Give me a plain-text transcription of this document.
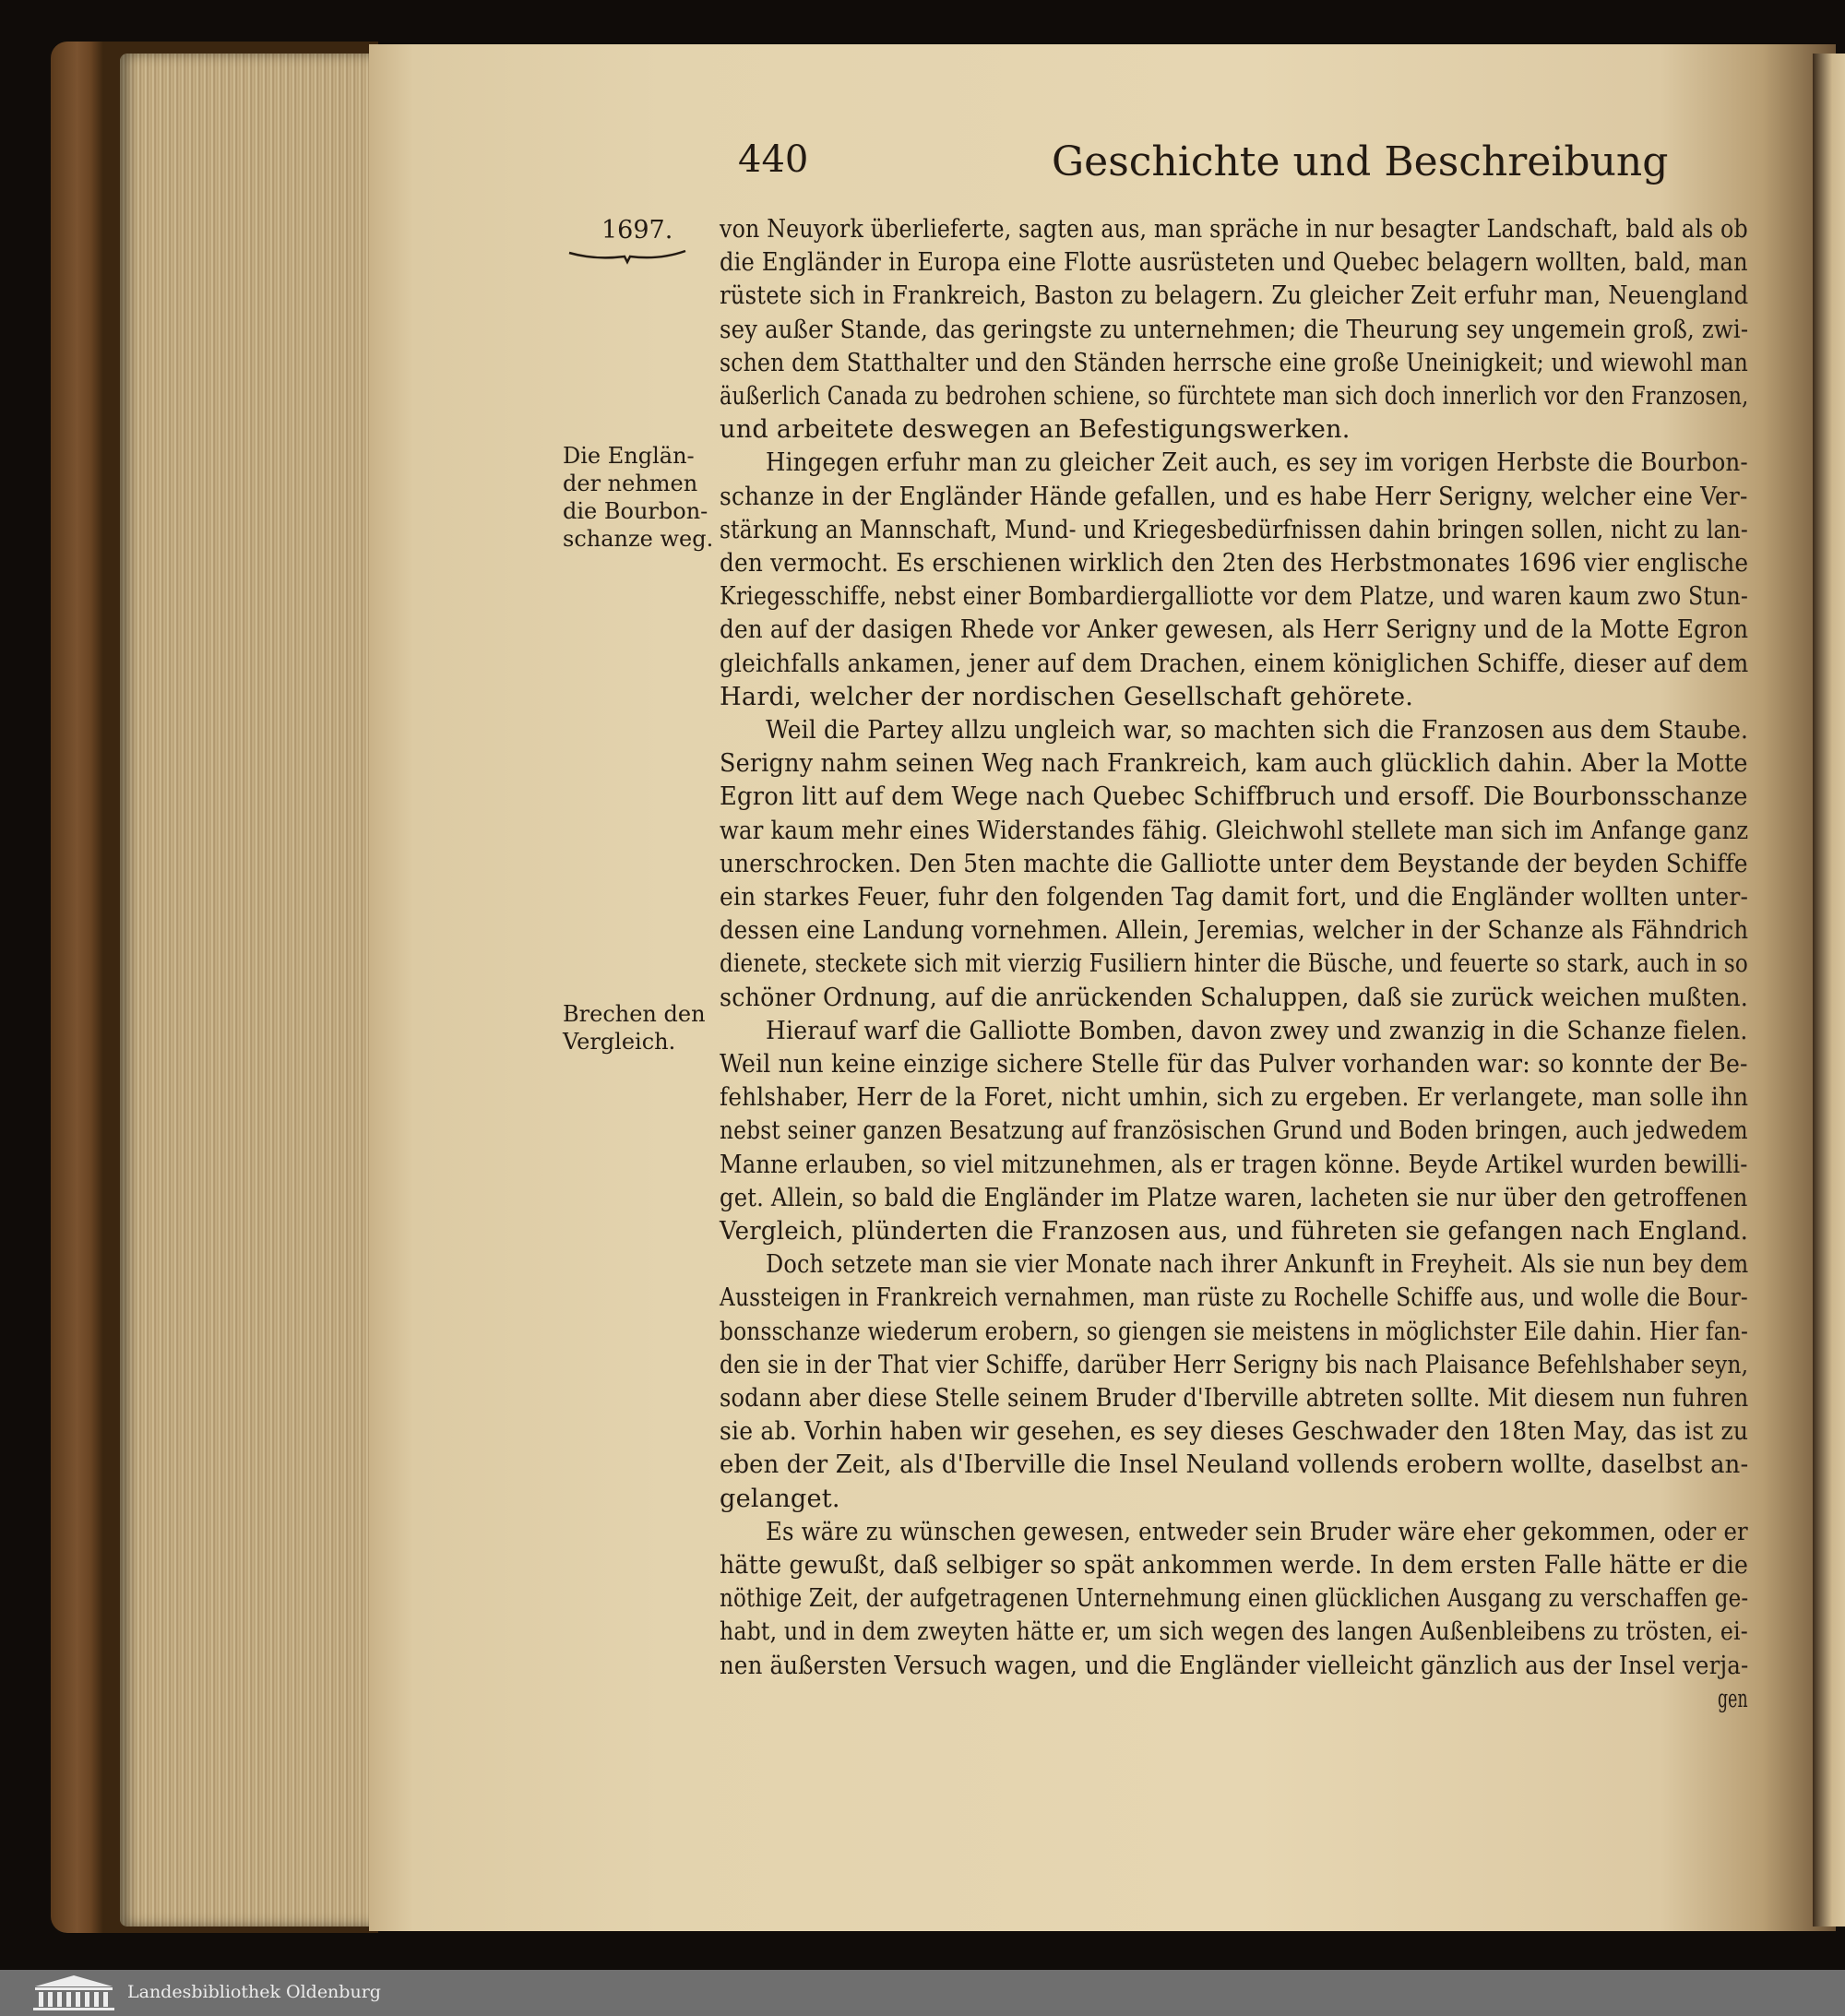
440	Geschichte und Beschreibung
1697.
Die Englän-
der nehmen
die Bourbon-
schanze weg.
Brechen den
Vergleich.
von Neuyork überlieferte, sagten aus, man spräche in nur besagter Landschaft, bald als ob
die Engländer in Europa eine Flotte ausrüsteten und Quebec belagern wollten, bald, man
rüstete sich in Frankreich, Baston zu belagern. Zu gleicher Zeit erfuhr man, Neuengland
sey außer Stande, das geringste zu unternehmen; die Theurung sey ungemein groß, zwi-
schen dem Statthalter und den Ständen herrsche eine große Uneinigkeit; und wiewohl man
äußerlich Canada zu bedrohen schiene, so fürchtete man sich doch innerlich vor den Franzosen,
und arbeitete deswegen an Befestigungswerken.
Hingegen erfuhr man zu gleicher Zeit auch, es sey im vorigen Herbste die Bourbon-
schanze in der Engländer Hände gefallen, und es habe Herr Serigny, welcher eine Ver-
stärkung an Mannschaft, Mund- und Kriegesbedürfnissen dahin bringen sollen, nicht zu lan-
den vermocht. Es erschienen wirklich den 2ten des Herbstmonates 1696 vier englische
Kriegesschiffe, nebst einer Bombardiergalliotte vor dem Platze, und waren kaum zwo Stun-
den auf der dasigen Rhede vor Anker gewesen, als Herr Serigny und de la Motte Egron
gleichfalls ankamen, jener auf dem Drachen, einem königlichen Schiffe, dieser auf dem
Hardi, welcher der nordischen Gesellschaft gehörete.
Weil die Partey allzu ungleich war, so machten sich die Franzosen aus dem Staube.
Serigny nahm seinen Weg nach Frankreich, kam auch glücklich dahin. Aber la Motte
Egron litt auf dem Wege nach Quebec Schiffbruch und ersoff. Die Bourbonsschanze
war kaum mehr eines Widerstandes fähig. Gleichwohl stellete man sich im Anfange ganz
unerschrocken. Den 5ten machte die Galliotte unter dem Beystande der beyden Schiffe
ein starkes Feuer, fuhr den folgenden Tag damit fort, und die Engländer wollten unter-
dessen eine Landung vornehmen. Allein, Jeremias, welcher in der Schanze als Fähndrich
dienete, steckete sich mit vierzig Fusiliern hinter die Büsche, und feuerte so stark, auch in so
schöner Ordnung, auf die anrückenden Schaluppen, daß sie zurück weichen mußten.
Hierauf warf die Galliotte Bomben, davon zwey und zwanzig in die Schanze fielen.
Weil nun keine einzige sichere Stelle für das Pulver vorhanden war: so konnte der Be-
fehlshaber, Herr de la Foret, nicht umhin, sich zu ergeben. Er verlangete, man solle ihn
nebst seiner ganzen Besatzung auf französischen Grund und Boden bringen, auch jedwedem
Manne erlauben, so viel mitzunehmen, als er tragen könne. Beyde Artikel wurden bewilli-
get. Allein, so bald die Engländer im Platze waren, lacheten sie nur über den getroffenen
Vergleich, plünderten die Franzosen aus, und führeten sie gefangen nach England.
Doch setzete man sie vier Monate nach ihrer Ankunft in Freyheit. Als sie nun bey dem
Aussteigen in Frankreich vernahmen, man rüste zu Rochelle Schiffe aus, und wolle die Bour-
bonsschanze wiederum erobern, so giengen sie meistens in möglichster Eile dahin. Hier fan-
den sie in der That vier Schiffe, darüber Herr Serigny bis nach Plaisance Befehlshaber seyn,
sodann aber diese Stelle seinem Bruder d'Iberville abtreten sollte. Mit diesem nun fuhren
sie ab. Vorhin haben wir gesehen, es sey dieses Geschwader den 18ten May, das ist zu
eben der Zeit, als d'Iberville die Insel Neuland vollends erobern wollte, daselbst an-
gelanget.
Es wäre zu wünschen gewesen, entweder sein Bruder wäre eher gekommen, oder er
hätte gewußt, daß selbiger so spät ankommen werde. In dem ersten Falle hätte er die
nöthige Zeit, der aufgetragenen Unternehmung einen glücklichen Ausgang zu verschaffen ge-
habt, und in dem zweyten hätte er, um sich wegen des langen Außenbleibens zu trösten, ei-
nen äußersten Versuch wagen, und die Engländer vielleicht gänzlich aus der Insel verja-
gen
Landesbibliothek Oldenburg
